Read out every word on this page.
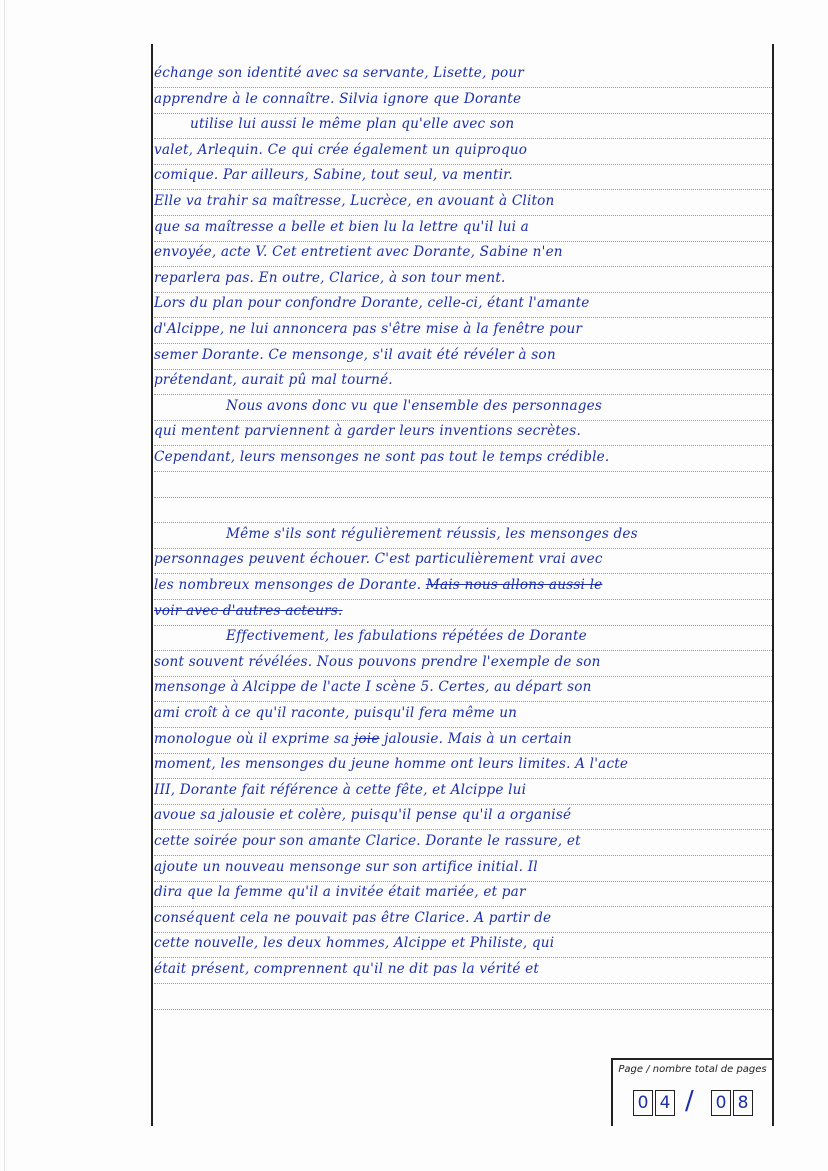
échange son identité avec sa servante, Lisette, pour
apprendre à le connaître. Silvia ignore que Dorante
utilise lui aussi le même plan qu'elle avec son
valet, Arlequin. Ce qui crée également un quiproquo
comique. Par ailleurs, Sabine, tout seul, va mentir.
Elle va trahir sa maîtresse, Lucrèce, en avouant à Cliton
que sa maîtresse a belle et bien lu la lettre qu'il lui a
envoyée, acte V. Cet entretient avec Dorante, Sabine n'en
reparlera pas. En outre, Clarice, à son tour ment.
Lors du plan pour confondre Dorante, celle-ci, étant l'amante
d'Alcippe, ne lui annoncera pas s'être mise à la fenêtre pour
semer Dorante. Ce mensonge, s'il avait été révéler à son
prétendant, aurait pû mal tourné.
Nous avons donc vu que l'ensemble des personnages
qui mentent parviennent à garder leurs inventions secrètes.
Cependant, leurs mensonges ne sont pas tout le temps crédible.
Même s'ils sont régulièrement réussis, les mensonges des
personnages peuvent échouer. C'est particulièrement vrai avec
les nombreux mensonges de Dorante. Mais nous allons aussi le
voir avec d'autres acteurs.
Effectivement, les fabulations répétées de Dorante
sont souvent révélées. Nous pouvons prendre l'exemple de son
mensonge à Alcippe de l'acte I scène 5. Certes, au départ son
ami croît à ce qu'il raconte, puisqu'il fera même un
monologue où il exprime sa joie jalousie. Mais à un certain
moment, les mensonges du jeune homme ont leurs limites. A l'acte
III, Dorante fait référence à cette fête, et Alcippe lui
avoue sa jalousie et colère, puisqu'il pense qu'il a organisé
cette soirée pour son amante Clarice. Dorante le rassure, et
ajoute un nouveau mensonge sur son artifice initial. Il
dira que la femme qu'il a invitée était mariée, et par
conséquent cela ne pouvait pas être Clarice. A partir de
cette nouvelle, les deux hommes, Alcippe et Philiste, qui
était présent, comprennent qu'il ne dit pas la vérité et
Page / nombre total de pages
0 4 / 0 8
